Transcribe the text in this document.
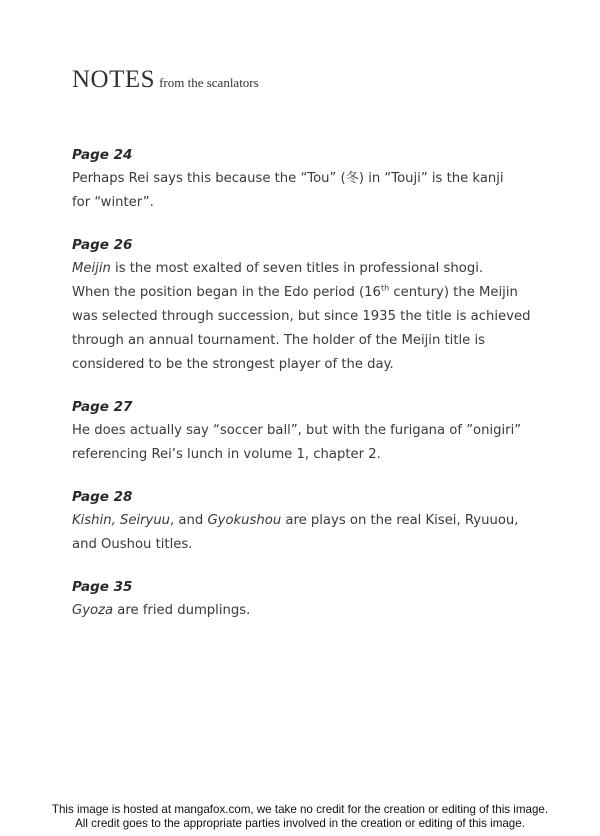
NOTES from the scanlators

Page 24

Perhaps Rei says this because the “Tou” (冬) in “Touji” is the kanji

for “winter”.

Page 26

Meijin is the most exalted of seven titles in professional shogi.

When the position began in the Edo period (16th century) the Meijin

was selected through succession, but since 1935 the title is achieved

through an annual tournament. The holder of the Meijin title is

considered to be the strongest player of the day.

Page 27

He does actually say “soccer ball”, but with the furigana of ”onigiri”

referencing Rei’s lunch in volume 1, chapter 2.

Page 28

Kishin, Seiryuu, and Gyokushou are plays on the real Kisei, Ryuuou,

and Oushou titles.

Page 35

Gyoza are fried dumplings.

This image is hosted at mangafox.com, we take no credit for the creation or editing of this image.
All credit goes to the appropriate parties involved in the creation or editing of this image.
